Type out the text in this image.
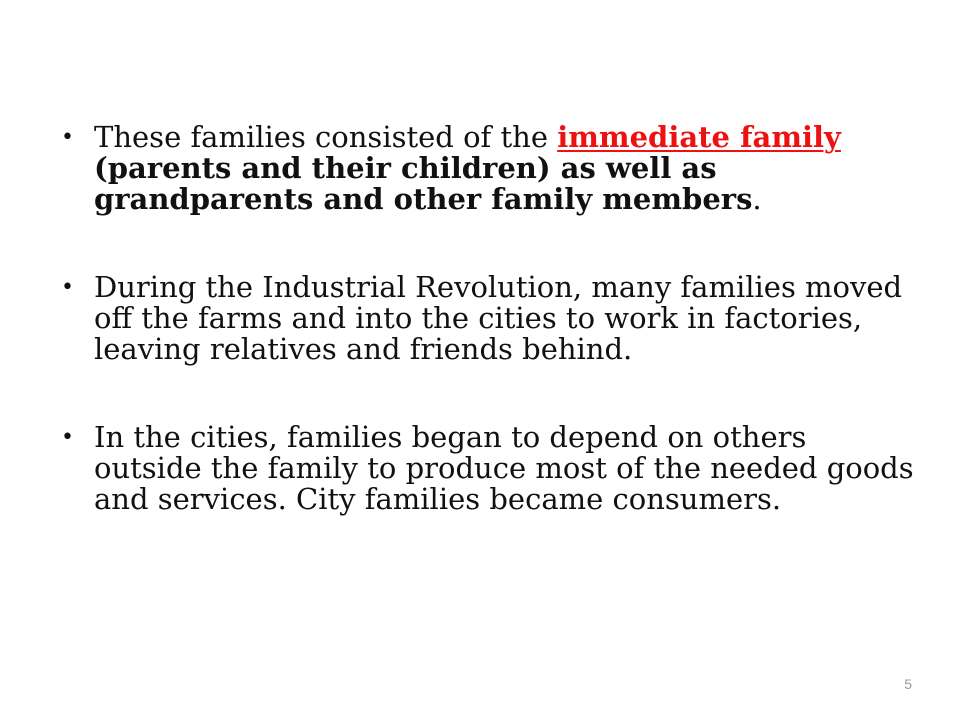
• These families consisted of the immediate family (parents and their children) as well as grandparents and other family members.
• During the Industrial Revolution, many families moved off the farms and into the cities to work in factories, leaving relatives and friends behind.
• In the cities, families began to depend on others outside the family to produce most of the needed goods and services. City families became consumers.
5
